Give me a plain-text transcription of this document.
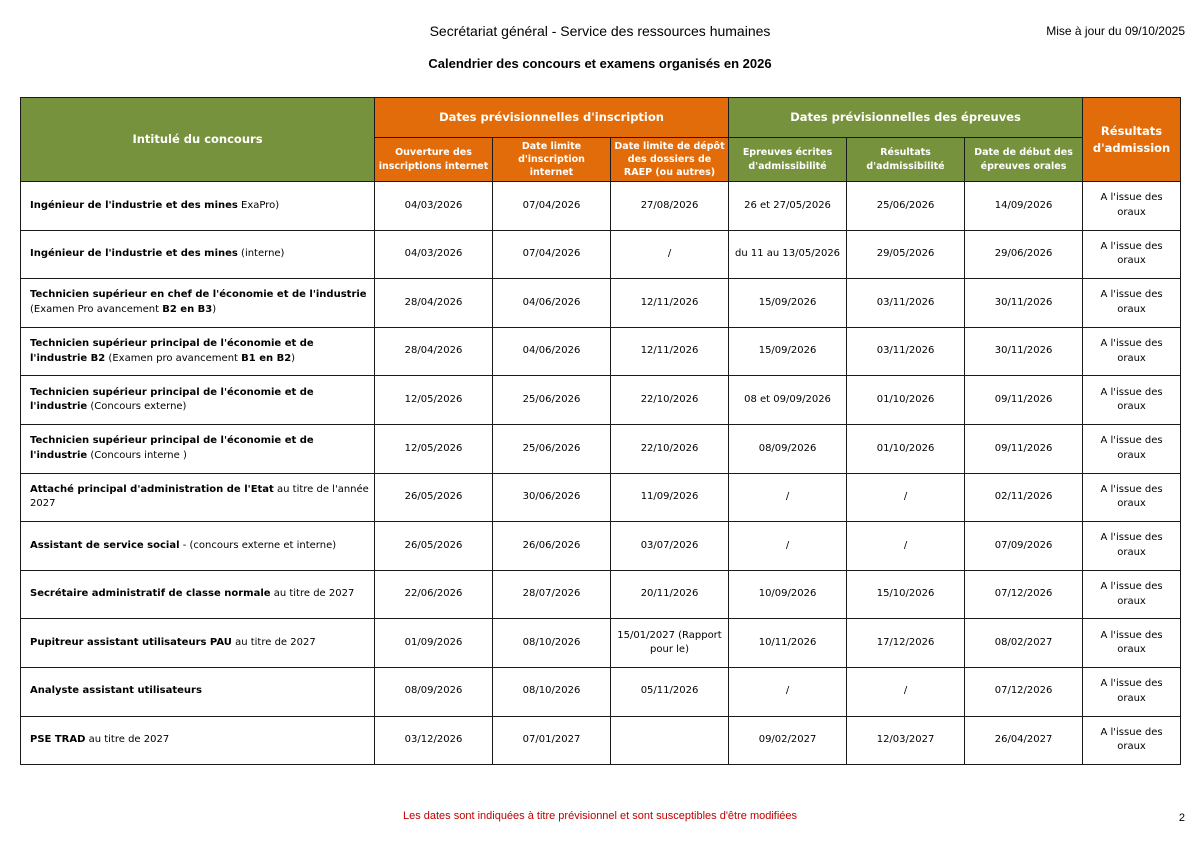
Secrétariat général - Service des ressources humaines	Mise à jour du 09/10/2025
Calendrier des concours et examens organisés en 2026
Intitulé du concours	Dates prévisionnelles d'inscription			Dates prévisionnelles des épreuves			Résultats d'admission
	Ouverture des inscriptions internet	Date limite d'inscription internet	Date limite de dépôt des dossiers de RAEP (ou autres)	Epreuves écrites d'admissibilité	Résultats d'admissibilité	Date de début des épreuves orales	
Ingénieur de l'industrie et des mines ExaPro)	04/03/2026	07/04/2026	27/08/2026	26 et 27/05/2026	25/06/2026	14/09/2026	A l'issue des oraux
Ingénieur de l'industrie et des mines (interne)	04/03/2026	07/04/2026	/	du 11 au 13/05/2026	29/05/2026	29/06/2026	A l'issue des oraux
Technicien supérieur en chef de l'économie et de l'industrie (Examen Pro avancement B2 en B3)	28/04/2026	04/06/2026	12/11/2026	15/09/2026	03/11/2026	30/11/2026	A l'issue des oraux
Technicien supérieur principal de l'économie et de l'industrie B2 (Examen pro avancement B1 en B2)	28/04/2026	04/06/2026	12/11/2026	15/09/2026	03/11/2026	30/11/2026	A l'issue des oraux
Technicien supérieur principal de l'économie et de l'industrie (Concours externe)	12/05/2026	25/06/2026	22/10/2026	08 et 09/09/2026	01/10/2026	09/11/2026	A l'issue des oraux
Technicien supérieur principal de l'économie et de l'industrie (Concours interne )	12/05/2026	25/06/2026	22/10/2026	08/09/2026	01/10/2026	09/11/2026	A l'issue des oraux
Attaché principal d'administration de l'Etat au titre de l'année 2027	26/05/2026	30/06/2026	11/09/2026	/	/	02/11/2026	A l'issue des oraux
Assistant de service social - (concours externe et interne)	26/05/2026	26/06/2026	03/07/2026	/	/	07/09/2026	A l'issue des oraux
Secrétaire administratif de classe normale au titre de 2027	22/06/2026	28/07/2026	20/11/2026	10/09/2026	15/10/2026	07/12/2026	A l'issue des oraux
Pupitreur assistant utilisateurs PAU au titre de 2027	01/09/2026	08/10/2026	15/01/2027 (Rapport pour le)	10/11/2026	17/12/2026	08/02/2027	A l'issue des oraux
Analyste assistant utilisateurs	08/09/2026	08/10/2026	05/11/2026	/	/	07/12/2026	A l'issue des oraux
PSE TRAD au titre de 2027	03/12/2026	07/01/2027		09/02/2027	12/03/2027	26/04/2027	A l'issue des oraux
Les dates sont indiquées à titre prévisionnel et sont susceptibles d'être modifiées	2
